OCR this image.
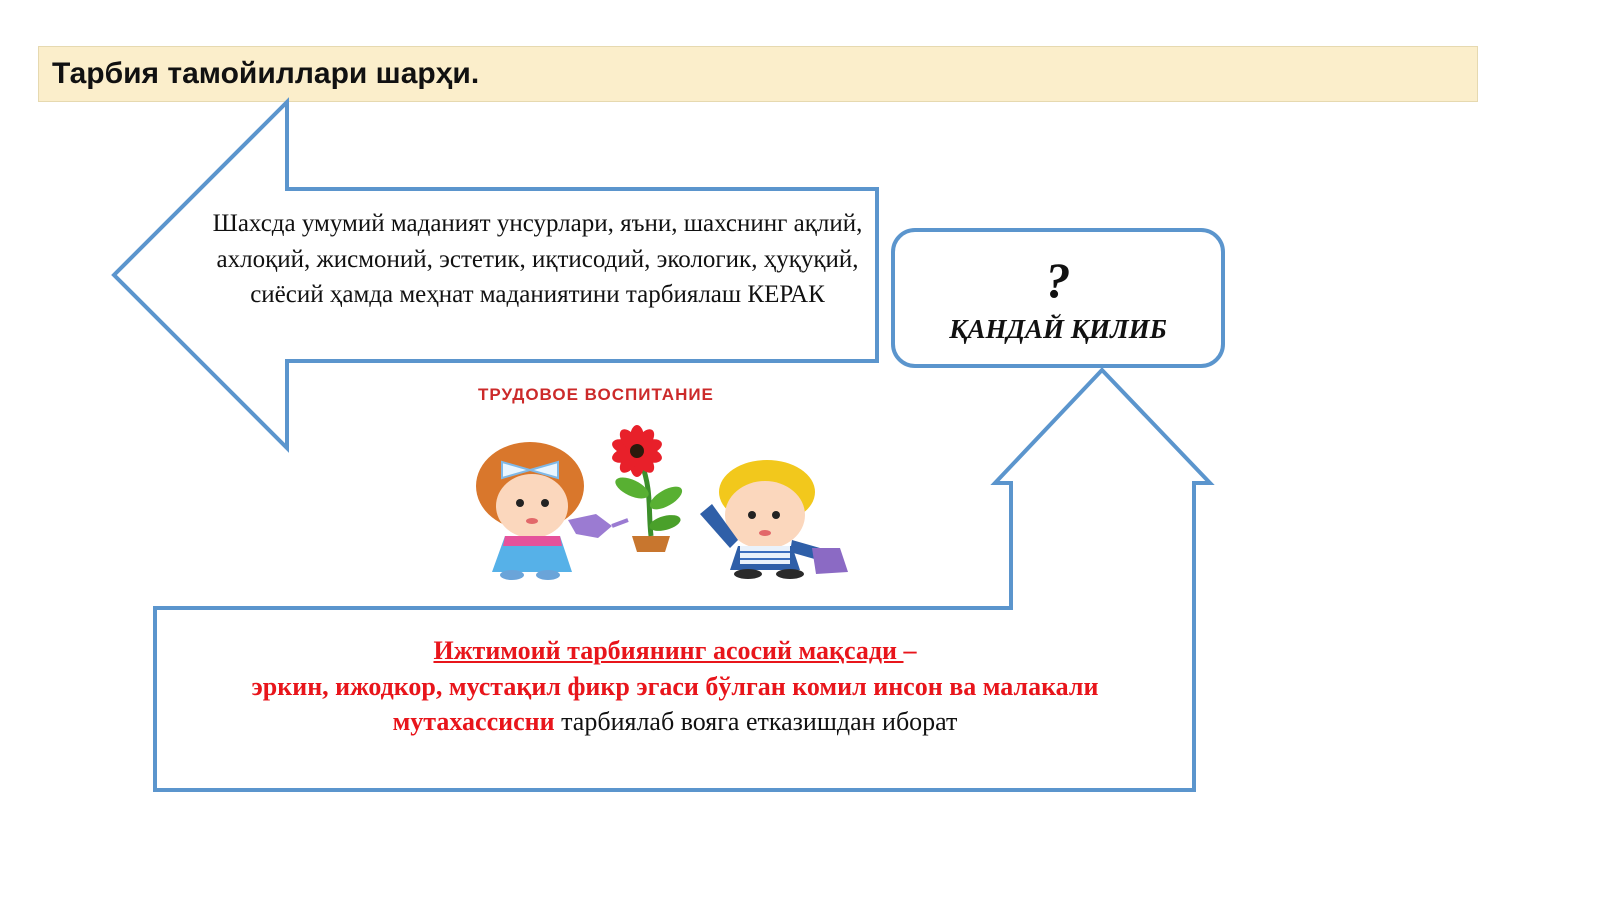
Тарбия тамойиллари шарҳи.
Шахсда умумий маданият унсурлари, яъни, шахснинг ақлий, ахлоқий, жисмоний, эстетик, иқтисодий, экологик, ҳуқуқий, сиёсий ҳамда меҳнат маданиятини тарбиялаш КЕРАК	?
ҚАНДАЙ ҚИЛИБ
ТРУДОВОЕ ВОСПИТАНИЕ
Ижтимоий тарбиянинг асосий мақсади –
эркин, ижодкор, мустақил фикр эгаси бўлган комил инсон ва малакали мутахассисни тарбиялаб вояга етказишдан иборат
